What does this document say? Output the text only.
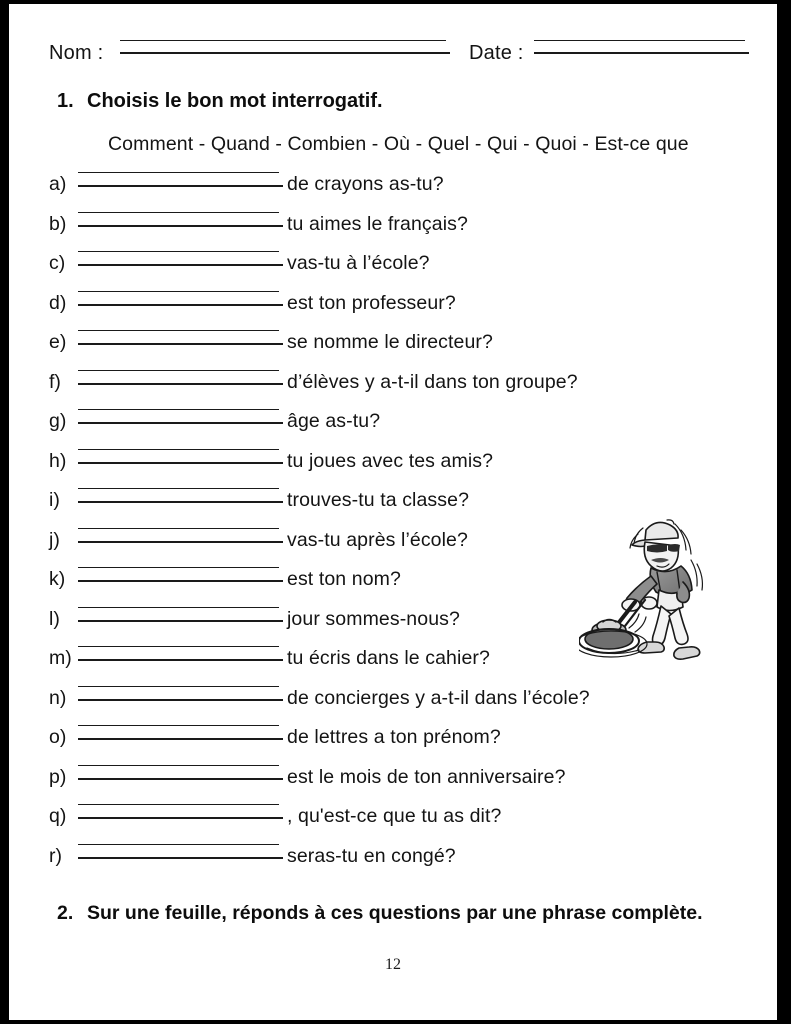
Nom :	Date :
1. Choisis le bon mot interrogatif.
Comment - Quand - Combien - Où - Quel - Qui - Quoi - Est-ce que
a)	de crayons as-tu?
b)	tu aimes le français?
c)	vas-tu à l’école?
d)	est ton professeur?
e)	se nomme le directeur?
f)	d’élèves y a-t-il dans ton groupe?
g)	âge as-tu?
h)	tu joues avec tes amis?
i)	trouves-tu ta classe?
j)	vas-tu après l’école?
k)	est ton nom?
l)	jour sommes-nous?
m)	tu écris dans le cahier?
n)	de concierges y a-t-il dans l’école?
o)	de lettres a ton prénom?
p)	est le mois de ton anniversaire?
q)	, qu'est-ce que tu as dit?
r)	seras-tu en congé?
2. Sur une feuille, réponds à ces questions par une phrase complète.
12
